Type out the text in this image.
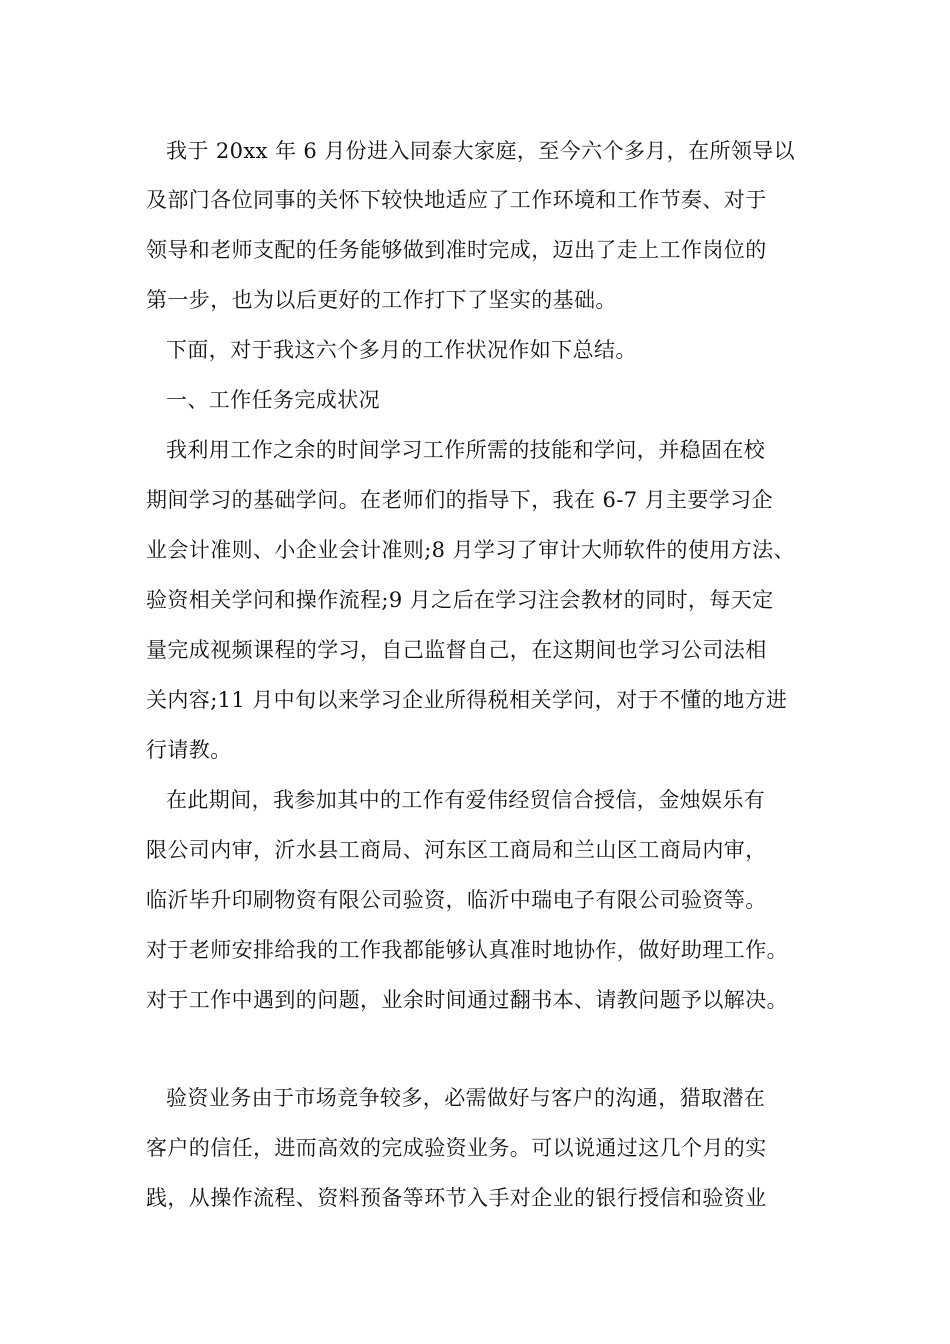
我于 20xx 年 6 月份进入同泰大家庭，至今六个多月，在所领导以
及部门各位同事的关怀下较快地适应了工作环境和工作节奏、对于
领导和老师支配的任务能够做到准时完成，迈出了走上工作岗位的
第一步，也为以后更好的工作打下了坚实的基础。
下面，对于我这六个多月的工作状况作如下总结。
一、工作任务完成状况
我利用工作之余的时间学习工作所需的技能和学问，并稳固在校
期间学习的基础学问。在老师们的指导下，我在 6-7 月主要学习企
业会计准则、小企业会计准则;8 月学习了审计大师软件的使用方法、
验资相关学问和操作流程;9 月之后在学习注会教材的同时，每天定
量完成视频课程的学习，自己监督自己，在这期间也学习公司法相
关内容;11 月中旬以来学习企业所得税相关学问，对于不懂的地方进
行请教。
在此期间，我参加其中的工作有爱伟经贸信合授信，金烛娱乐有
限公司内审，沂水县工商局、河东区工商局和兰山区工商局内审，
临沂毕升印刷物资有限公司验资，临沂中瑞电子有限公司验资等。
对于老师安排给我的工作我都能够认真准时地协作，做好助理工作。
对于工作中遇到的问题，业余时间通过翻书本、请教问题予以解决。
验资业务由于市场竞争较多，必需做好与客户的沟通，猎取潜在
客户的信任，进而高效的完成验资业务。可以说通过这几个月的实
践，从操作流程、资料预备等环节入手对企业的银行授信和验资业
